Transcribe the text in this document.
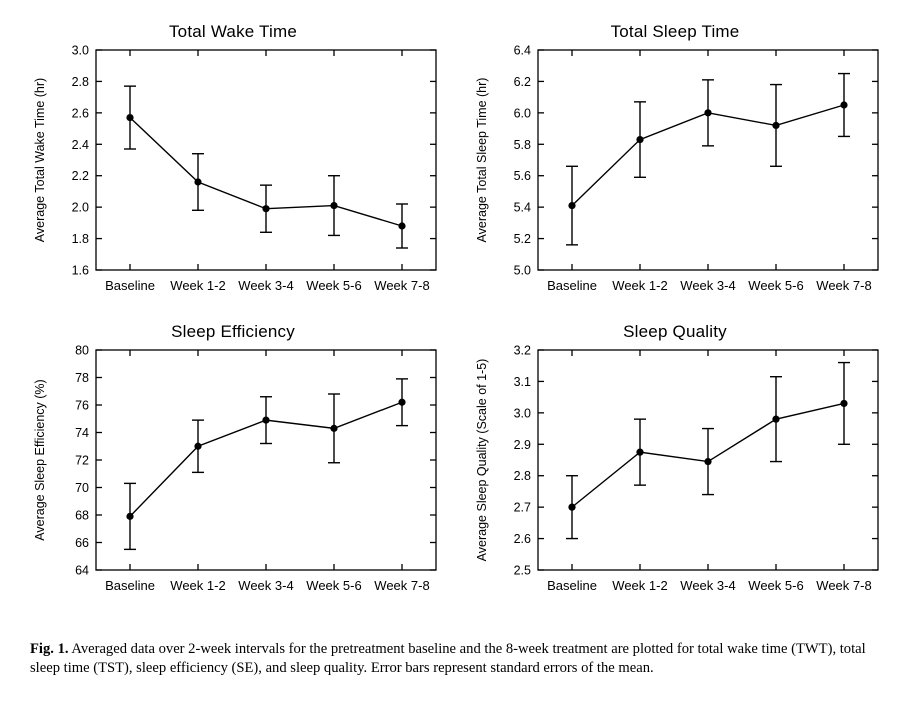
Total Wake Time
1.6
1.8
2.0
2.2
2.4
2.6
2.8
3.0
Baseline Week 1-2 Week 3-4 Week 5-6 Week 7-8
Average Total Wake Time (hr)
Total Sleep Time
5.0
5.2
5.4
5.6
5.8
6.0
6.2
6.4
Baseline Week 1-2 Week 3-4 Week 5-6 Week 7-8
Average Total Sleep Time (hr)
Sleep Efficiency
64
66
68
70
72
74
76
78
80
Baseline Week 1-2 Week 3-4 Week 5-6 Week 7-8
Average Sleep Efficiency (%)
Sleep Quality
2.5
2.6
2.7
2.8
2.9
3.0
3.1
3.2
Baseline Week 1-2 Week 3-4 Week 5-6 Week 7-8
Average Sleep Quality (Scale of 1-5)
Fig. 1. Averaged data over 2-week intervals for the pretreatment baseline and the 8-week treatment are plotted for total wake time (TWT), total sleep time (TST), sleep efficiency (SE), and sleep quality. Error bars represent standard errors of the mean.
